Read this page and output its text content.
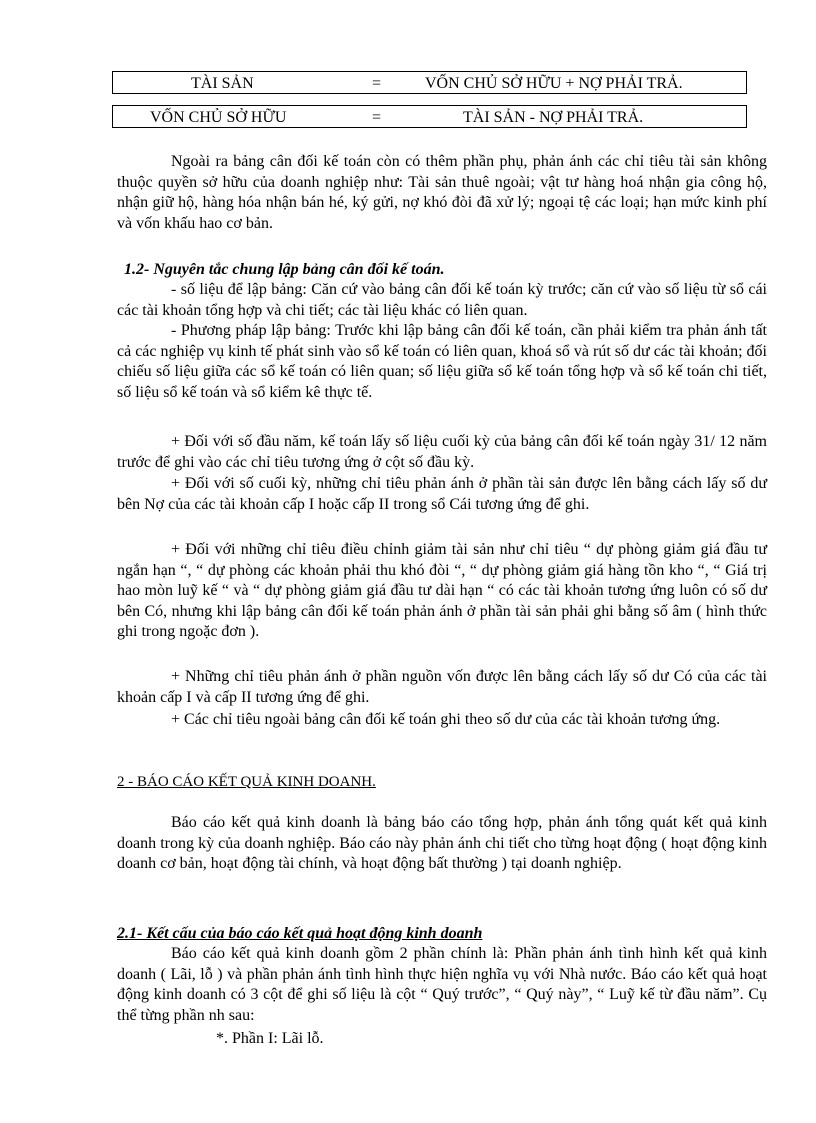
TÀI SẢN	=	VỐN CHỦ SỞ HỮU + NỢ PHẢI TRẢ.
VỐN CHỦ SỞ HỮU	=	TÀI SẢN - NỢ PHẢI TRẢ.
Ngoài ra bảng cân đối kế toán còn có thêm phần phụ, phản ánh các chỉ tiêu tài sản không thuộc quyền sở hữu của doanh nghiệp như: Tài sản thuê ngoài; vật tư hàng hoá nhận gia công hộ, nhận giữ hộ, hàng hóa nhận bán hé, ký gửi, nợ khó đòi đã xử lý; ngoại tệ các loại; hạn mức kinh phí và vốn khấu hao cơ bản.
1.2- Nguyên tắc chung lập bảng cân đối kế toán.
- số liệu để lập bảng: Căn cứ vào bảng cân đối kế toán kỳ trước; căn cứ vào số liệu từ sổ cái các tài khoản tổng hợp và chi tiết; các tài liệu khác có liên quan.
- Phương pháp lập bảng: Trước khi lập bảng cân đối kế toán, cần phải kiểm tra phản ánh tất cả các nghiệp vụ kinh tế phát sinh vào sổ kế toán có liên quan, khoá sổ và rút số dư các tài khoản; đối chiếu số liệu giữa các sổ kế toán có liên quan; số liệu giữa sổ kế toán tổng hợp và sổ kế toán chi tiết, số liệu sổ kế toán và sổ kiểm kê thực tế.
+ Đối với số đầu năm, kế toán lấy số liệu cuối kỳ của bảng cân đối kế toán ngày 31/ 12 năm trước để ghi vào các chỉ tiêu tương ứng ở cột số đầu kỳ.
+ Đối với số cuối kỳ, những chỉ tiêu phản ánh ở phần tài sản được lên bằng cách lấy số dư bên Nợ của các tài khoản cấp I hoặc cấp II trong sổ Cái tương ứng để ghi.
+ Đối với những chỉ tiêu điều chỉnh giảm tài sản như chỉ tiêu “ dự phòng giảm giá đầu tư ngắn hạn “, “ dự phòng các khoản phải thu khó đòi “, “ dự phòng giảm giá hàng tồn kho “, “ Giá trị hao mòn luỹ kế “ và “ dự phòng giảm giá đầu tư dài hạn “ có các tài khoản tương ứng luôn có số dư bên Có, nhưng khi lập bảng cân đối kế toán phản ánh ở phần tài sản phải ghi bằng số âm ( hình thức ghi trong ngoặc đơn ).
+ Những chỉ tiêu phản ánh ở phần nguồn vốn được lên bằng cách lấy số dư Có của các tài khoản cấp I và cấp II tương ứng để ghi.
+ Các chỉ tiêu ngoài bảng cân đối kế toán ghi theo số dư của các tài khoản tương ứng.
2 - BÁO CÁO KẾT QUẢ KINH DOANH.
Báo cáo kết quả kinh doanh là bảng báo cáo tổng hợp, phản ánh tổng quát kết quả kinh doanh trong kỳ của doanh nghiệp. Báo cáo này phản ánh chi tiết cho từng hoạt động ( hoạt động kinh doanh cơ bản, hoạt động tài chính, và hoạt động bất thường ) tại doanh nghiệp.
2.1- Kết cấu của báo cáo kết quả hoạt động kinh doanh
Báo cáo kết quả kinh doanh gồm 2 phần chính là: Phần phản ánh tình hình kết quả kinh doanh ( Lãi, lỗ ) và phần phản ánh tình hình thực hiện nghĩa vụ với Nhà nước. Báo cáo kết quả hoạt động kinh doanh có 3 cột để ghi số liệu là cột “ Quý trước”, “ Quý này”, “ Luỹ kế từ đầu năm”. Cụ thể từng phần nh sau:
*. Phần I: Lãi lỗ.
